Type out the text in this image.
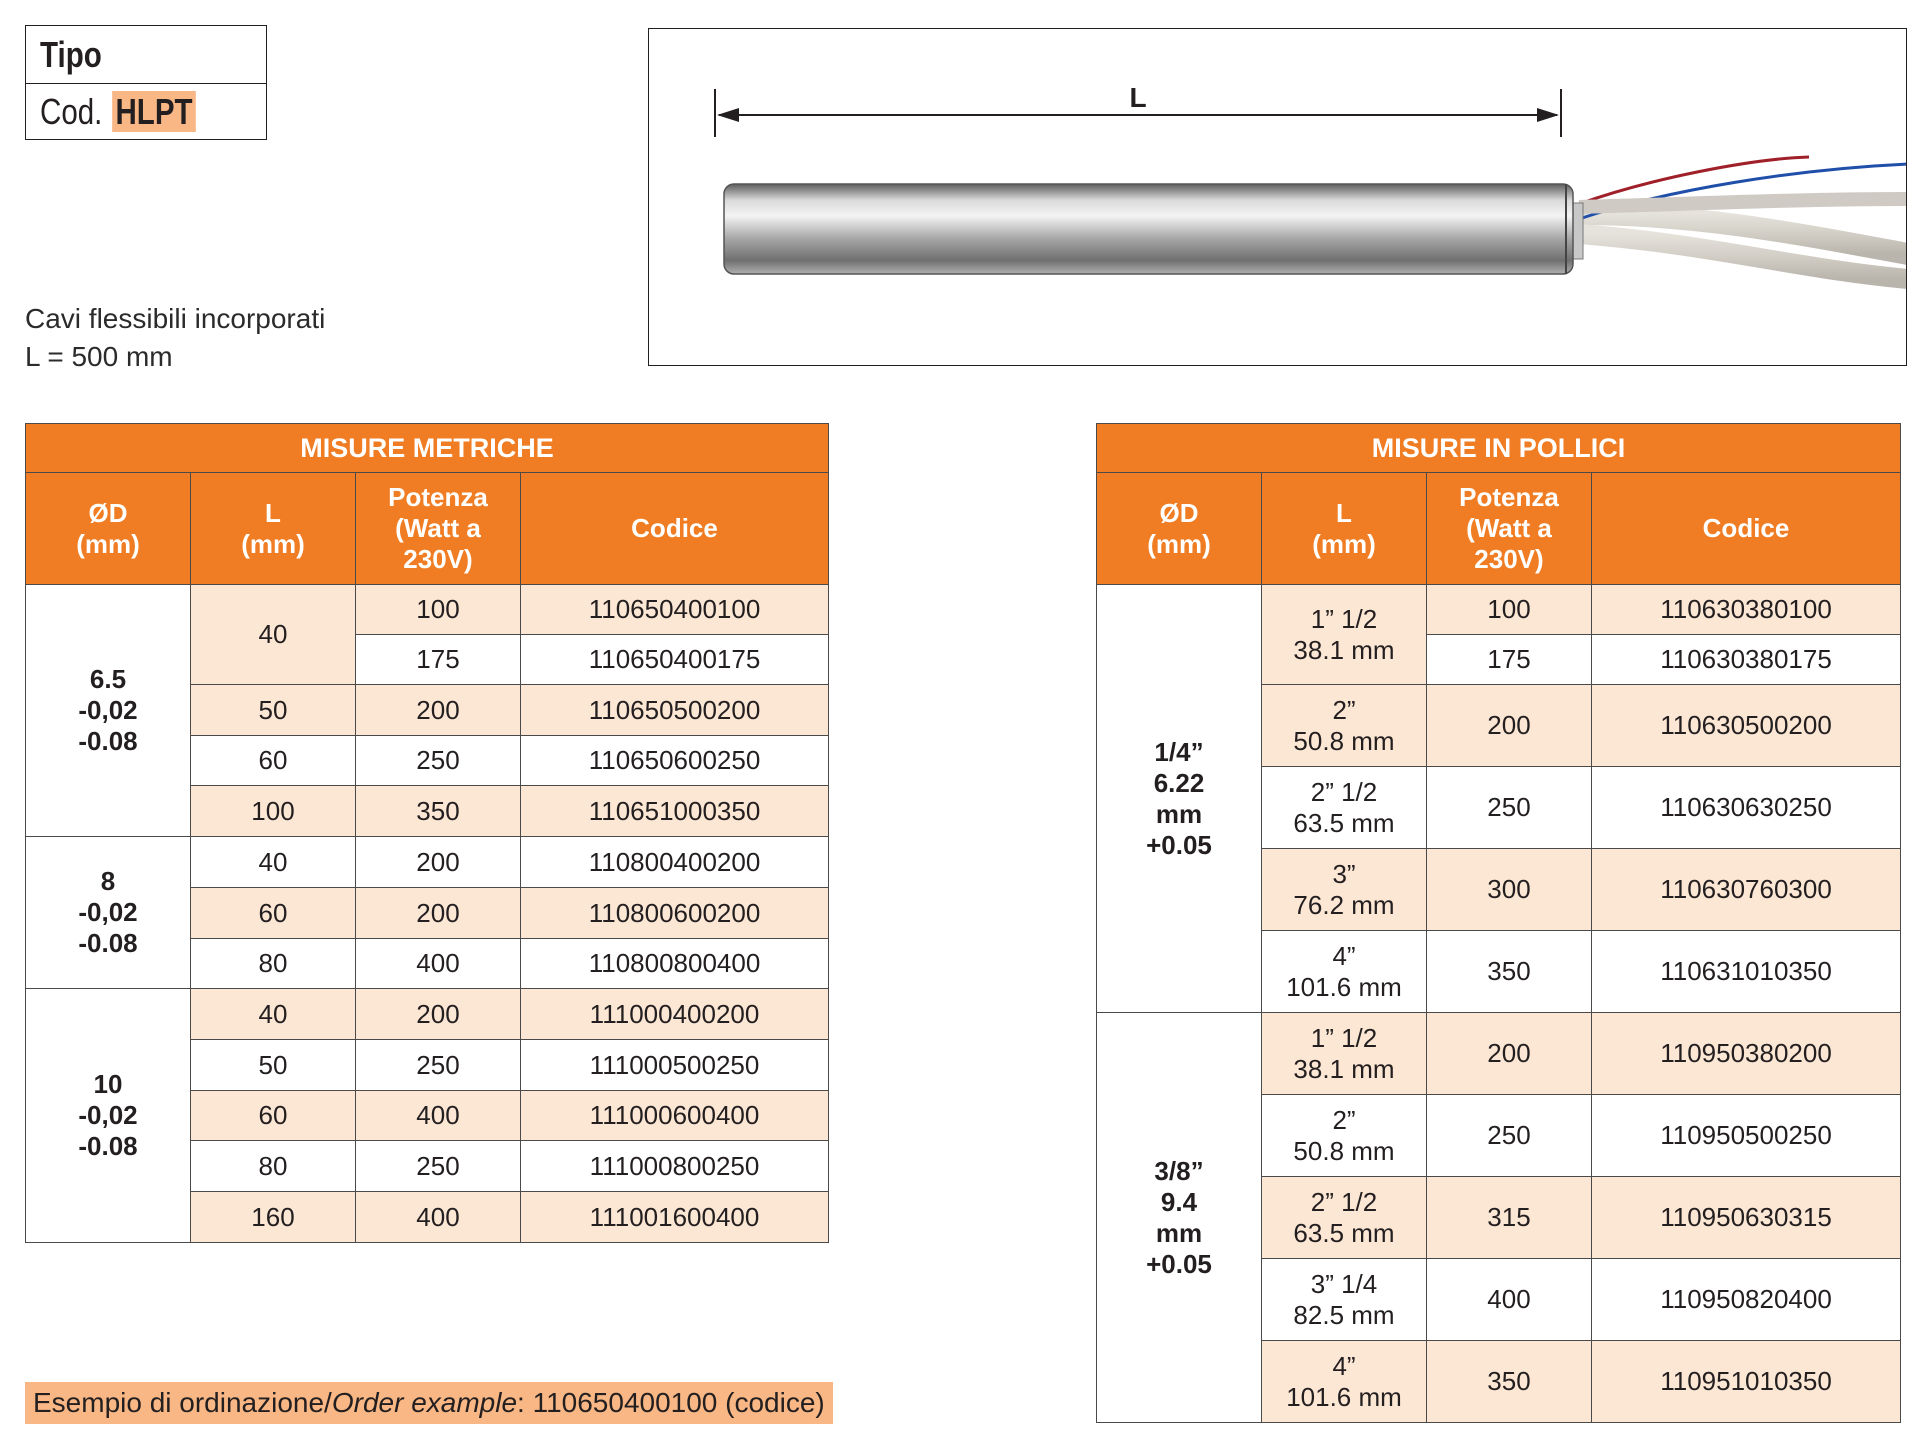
Tipo
Cod. HLPT
Cavi flessibili incorporati
L = 500 mm
L
MISURE METRICHE			
ØD
(mm)	L
(mm)	Potenza
(Watt a
230V)	Codice
6.5
-0,02
-0.08	40	100	110650400100
		175	110650400175
	50	200	110650500200
	60	250	110650600250
	100	350	110651000350
8
-0,02
-0.08	40	200	110800400200
	60	200	110800600200
	80	400	110800800400
10
-0,02
-0.08	40	200	111000400200
	50	250	111000500250
	60	400	111000600400
	80	250	111000800250
	160	400	111001600400
MISURE IN POLLICI			
ØD
(mm)	L
(mm)	Potenza
(Watt a
230V)	Codice
1/4”
6.22
mm
+0.05	1” 1/2
38.1 mm	100	110630380100
		175	110630380175
	2”
50.8 mm	200	110630500200
	2” 1/2
63.5 mm	250	110630630250
	3”
76.2 mm	300	110630760300
	4”
101.6 mm	350	110631010350
3/8”
9.4
mm
+0.05	1” 1/2
38.1 mm	200	110950380200
	2”
50.8 mm	250	110950500250
	2” 1/2
63.5 mm	315	110950630315
	3” 1/4
82.5 mm	400	110950820400
	4”
101.6 mm	350	110951010350
Esempio di ordinazione/Order example: 110650400100 (codice)
